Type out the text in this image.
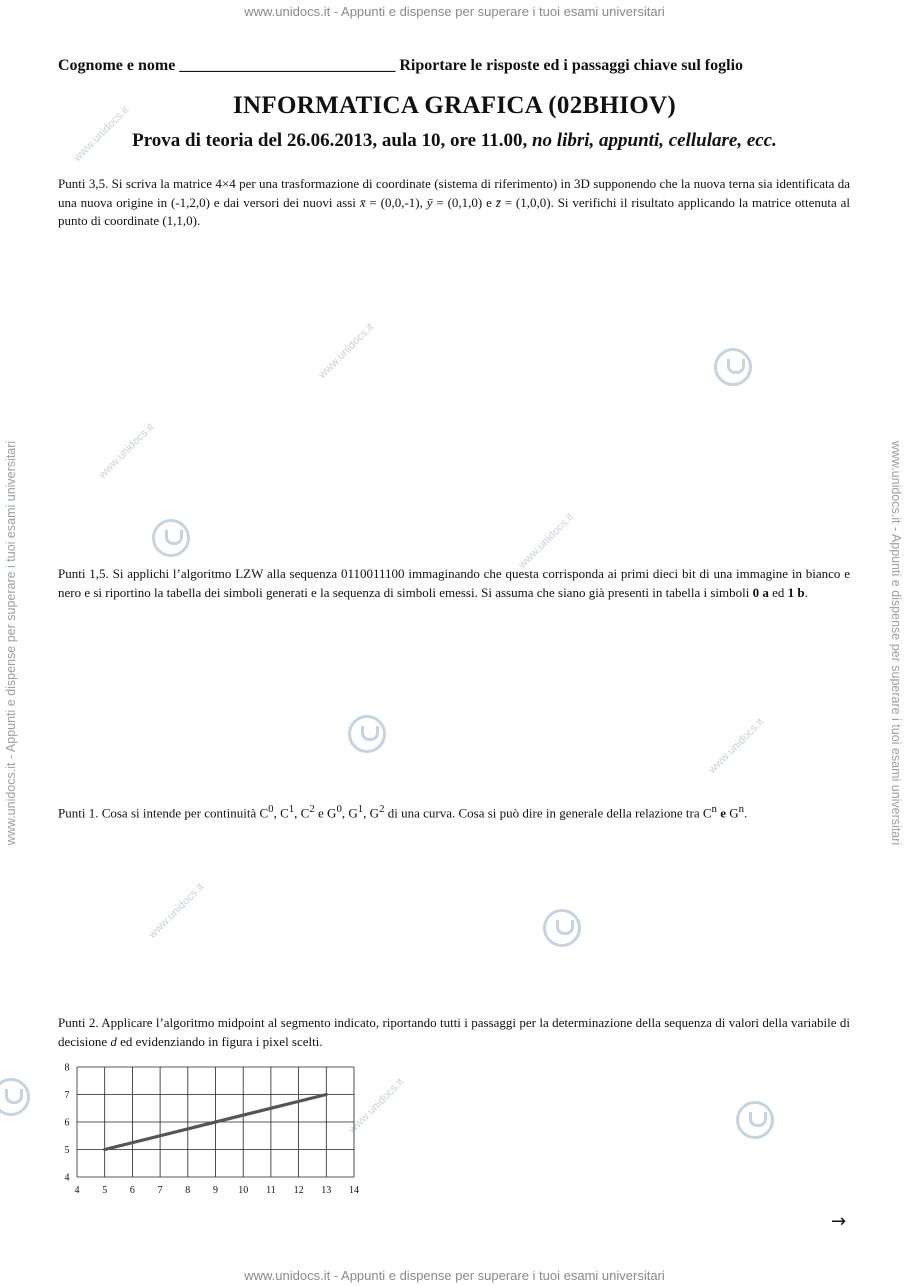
www.unidocs.it - Appunti e dispense per superare i tuoi esami universitari
www.unidocs.it - Appunti e dispense per superare i tuoi esami universitari
www.unidocs.it - Appunti e dispense per superare i tuoi esami universitari	www.unidocs.it - Appunti e dispense per superare i tuoi esami universitari
www.unidocs.it
www.unidocs.it
www.unidocs.it
www.unidocs.it
www.unidocs.it
www.unidocs.it
www.unidocs.it
Cognome e nome ___________________________ Riportare le risposte ed i passaggi chiave sul foglio
INFORMATICA GRAFICA (02BHIOV)
Prova di teoria del 26.06.2013, aula 10, ore 11.00, no libri, appunti, cellulare, ecc.
Punti 3,5. Si scriva la matrice 4×4 per una trasformazione di coordinate (sistema di riferimento) in 3D supponendo che la nuova terna sia identificata da una nuova origine in (-1,2,0) e dai versori dei nuovi assi x̄ = (0,0,-1), ȳ = (0,1,0) e z̄ = (1,0,0). Si verifichi il risultato applicando la matrice ottenuta al punto di coordinate (1,1,0).
Punti 1,5. Si applichi l’algoritmo LZW alla sequenza 0110011100 immaginando che questa corrisponda ai primi dieci bit di una immagine in bianco e nero e si riportino la tabella dei simboli generati e la sequenza di simboli emessi. Si assuma che siano già presenti in tabella i simboli 0 a ed 1 b.
Punti 1. Cosa si intende per continuità $C^0$, $C^1$, $C^2$ e $G^0$, $G^1$, $G^2$ di una curva. Cosa si può dire in generale della relazione tra $C^n$ e $G^n$.
Punti 2. Applicare l’algoritmo midpoint al segmento indicato, riportando tutti i passaggi per la determinazione della sequenza di valori della variabile di decisione d ed evidenziando in figura i pixel scelti.
4 5 6 7 8 9 10 11 12 13 14
4
5
6
7
8
→
